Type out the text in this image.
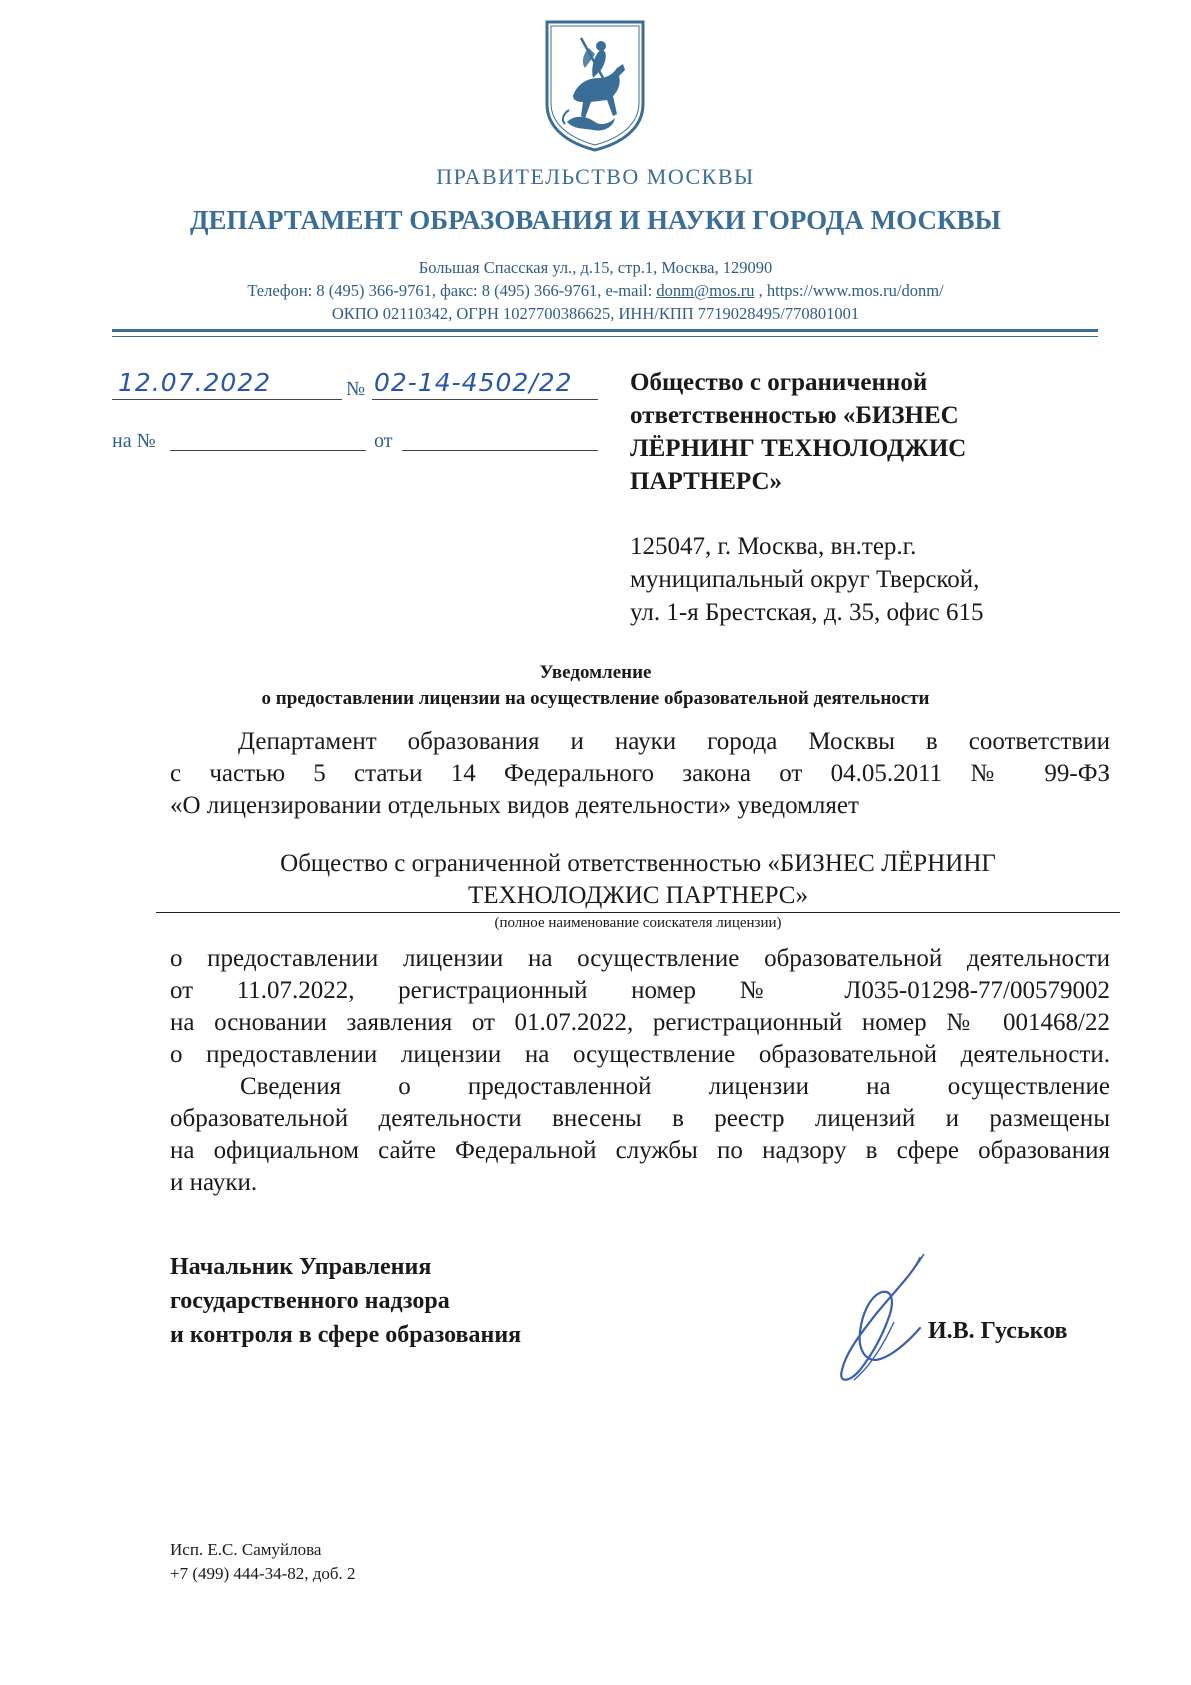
ПРАВИТЕЛЬСТВО МОСКВЫ
ДЕПАРТАМЕНТ ОБРАЗОВАНИЯ И НАУКИ ГОРОДА МОСКВЫ
Большая Спасская ул., д.15, стр.1, Москва, 129090
Телефон: 8 (495) 366-9761, факс: 8 (495) 366-9761, e-mail: donm@mos.ru , https://www.mos.ru/donm/
ОКПО 02110342, ОГРН 1027700386625, ИНН/КПП 7719028495/770801001
12.07.2022	№ 02-14-4502/22
на №	от
Общество с ограниченной
ответственностью «БИЗНЕС
ЛЁРНИНГ ТЕХНОЛОДЖИС
ПАРТНЕРС»
125047, г. Москва, вн.тер.г.
муниципальный округ Тверской,
ул. 1-я Брестская, д. 35, офис 615
Уведомление
о предоставлении лицензии на осуществление образовательной деятельности
Департамент образования и науки города Москвы в соответствии
с частью 5 статьи 14 Федерального закона от 04.05.2011 № 99-ФЗ
«О лицензировании отдельных видов деятельности» уведомляет
Общество с ограниченной ответственностью «БИЗНЕС ЛЁРНИНГ
ТЕХНОЛОДЖИС ПАРТНЕРС»
(полное наименование соискателя лицензии)
о предоставлении лицензии на осуществление образовательной деятельности
от 11.07.2022, регистрационный номер № Л035-01298-77/00579002
на основании заявления от 01.07.2022, регистрационный номер № 001468/22
о предоставлении лицензии на осуществление образовательной деятельности.
Сведения о предоставленной лицензии на осуществление
образовательной деятельности внесены в реестр лицензий и размещены
на официальном сайте Федеральной службы по надзору в сфере образования
и науки.
Начальник Управления
государственного надзора
и контроля в сфере образования	И.В. Гуськов
Исп. Е.С. Самуйлова
+7 (499) 444-34-82, доб. 2
